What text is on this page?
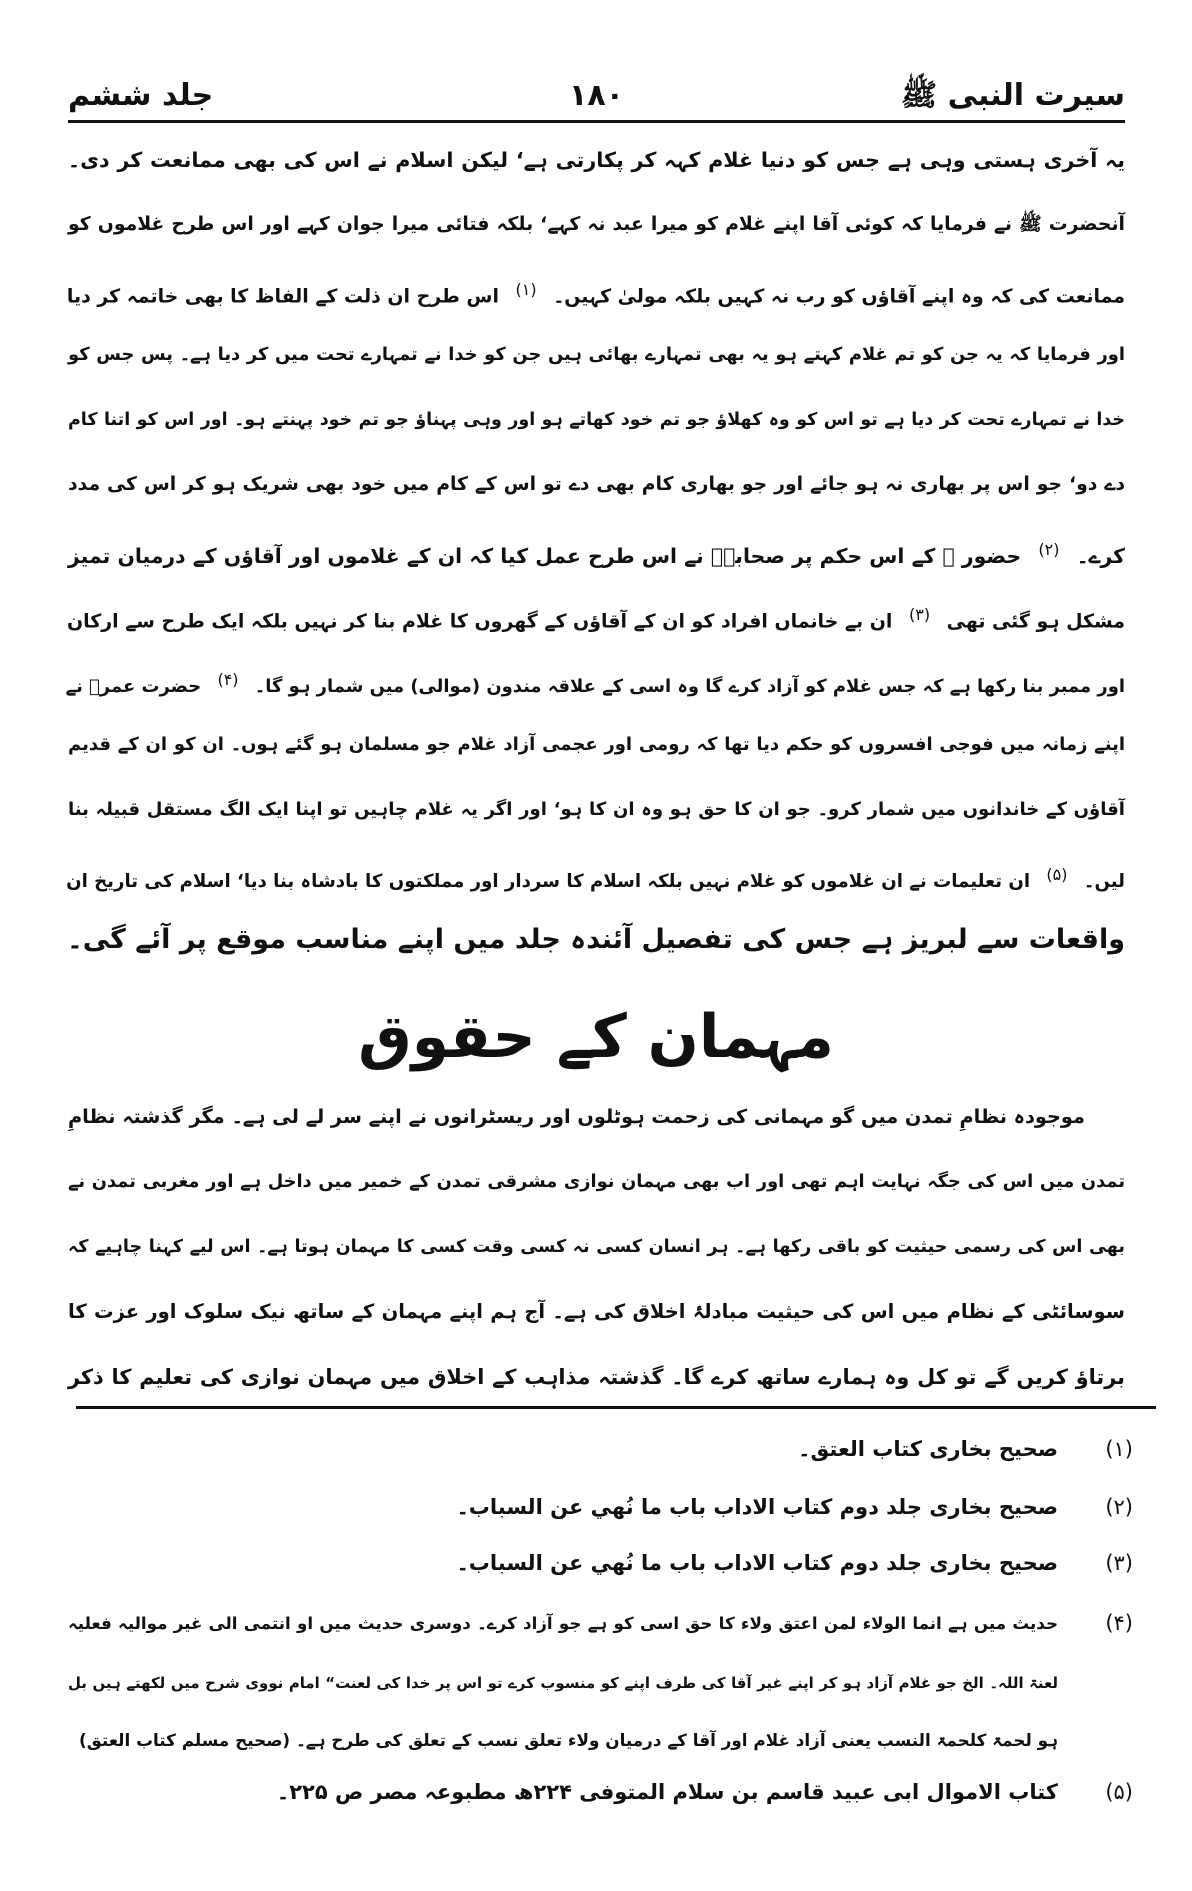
سیرت النبی ﷺ
۱۸۰
جلد ششم
یہ آخری ہستی وہی ہے جس کو دنیا غلام کہہ کر پکارتی ہے‘ لیکن اسلام نے اس کی بھی ممانعت کر دی۔
آنحضرت ﷺ نے فرمایا کہ کوئی آقا اپنے غلام کو میرا عبد نہ کہے‘ بلکہ فتائی میرا جوان کہے اور اس طرح غلاموں کو
ممانعت کی کہ وہ اپنے آقاؤں کو رب نہ کہیں بلکہ مولیٰ کہیں۔ $^{(۱)}$ اس طرح ان ذلت کے الفاظ کا بھی خاتمہ کر دیا
اور فرمایا کہ یہ جن کو تم غلام کہتے ہو یہ بھی تمہارے بھائی ہیں جن کو خدا نے تمہارے تحت میں کر دیا ہے۔ پس جس کو
خدا نے تمہارے تحت کر دیا ہے تو اس کو وہ کھلاؤ جو تم خود کھاتے ہو اور وہی پہناؤ جو تم خود پہنتے ہو۔ اور اس کو اتنا کام
دے دو‘ جو اس پر بھاری نہ ہو جائے اور جو بھاری کام بھی دے تو اس کے کام میں خود بھی شریک ہو کر اس کی مدد
کرے۔ $^{(۲)}$ حضور ﷺ کے اس حکم پر صحابہؓ نے اس طرح عمل کیا کہ ان کے غلاموں اور آقاؤں کے درمیان تمیز
مشکل ہو گئی تھی $^{(۳)}$ ان بے خانماں افراد کو ان کے آقاؤں کے گھروں کا غلام بنا کر نہیں بلکہ ایک طرح سے ارکان
اور ممبر بنا رکھا ہے کہ جس غلام کو آزاد کرے گا وہ اسی کے علاقہ مندون (موالی) میں شمار ہو گا۔ (۴) حضرت عمرؓ نے
اپنے زمانہ میں فوجی افسروں کو حکم دیا تھا کہ رومی اور عجمی آزاد غلام جو مسلمان ہو گئے ہوں۔ ان کو ان کے قدیم
آقاؤں کے خاندانوں میں شمار کرو۔ جو ان کا حق ہو وہ ان کا ہو‘ اور اگر یہ غلام چاہیں تو اپنا ایک الگ مستقل قبیلہ بنا
لیں۔ (۵) ان تعلیمات نے ان غلاموں کو غلام نہیں بلکہ اسلام کا سردار اور مملکتوں کا بادشاہ بنا دیا‘ اسلام کی تاریخ ان
واقعات سے لبریز ہے جس کی تفصیل آئندہ جلد میں اپنے مناسب موقع پر آئے گی۔
مہمان کے حقوق
موجودہ نظامِ تمدن میں گو مہمانی کی زحمت ہوٹلوں اور ریسٹرانوں نے اپنے سر لے لی ہے۔ مگر گذشتہ نظامِ
تمدن میں اس کی جگہ نہایت اہم تھی اور اب بھی مہمان نوازی مشرقی تمدن کے خمیر میں داخل ہے اور مغربی تمدن نے
بھی اس کی رسمی حیثیت کو باقی رکھا ہے۔ ہر انسان کسی نہ کسی وقت کسی کا مہمان ہوتا ہے۔ اس لیے کہنا چاہیے کہ
سوسائٹی کے نظام میں اس کی حیثیت مبادلۂ اخلاق کی ہے۔ آج ہم اپنے مہمان کے ساتھ نیک سلوک اور عزت کا
برتاؤ کریں گے تو کل وہ ہمارے ساتھ کرے گا۔ گذشتہ مذاہب کے اخلاق میں مہمان نوازی کی تعلیم کا ذکر
(۱)
صحیح بخاری کتاب العتق۔
(۲)
صحیح بخاری جلد دوم کتاب الاداب باب ما نُهي عن السباب۔
(۳)
صحیح بخاری جلد دوم کتاب الاداب باب ما نُهي عن السباب۔
(۴)
حدیث میں ہے انما الولاء لمن اعتق ولاء کا حق اسی کو ہے جو آزاد کرے۔ دوسری حدیث میں او انتمی الی غیر موالیہ فعلیہ
لعنۃ اللہ۔ الخ جو غلام آزاد ہو کر اپنے غیر آقا کی طرف اپنے کو منسوب کرے تو اس پر خدا کی لعنت“ امام نووی شرح میں لکھتے ہیں بل
ہو لحمۃ کلحمۃ النسب یعنی آزاد غلام اور آقا کے درمیان ولاء تعلق نسب کے تعلق کی طرح ہے۔ (صحیح مسلم کتاب العتق)
(۵)
کتاب الاموال ابی عبید قاسم بن سلام المتوفی ۲۲۴ھ مطبوعہ مصر ص ۲۲۵۔
